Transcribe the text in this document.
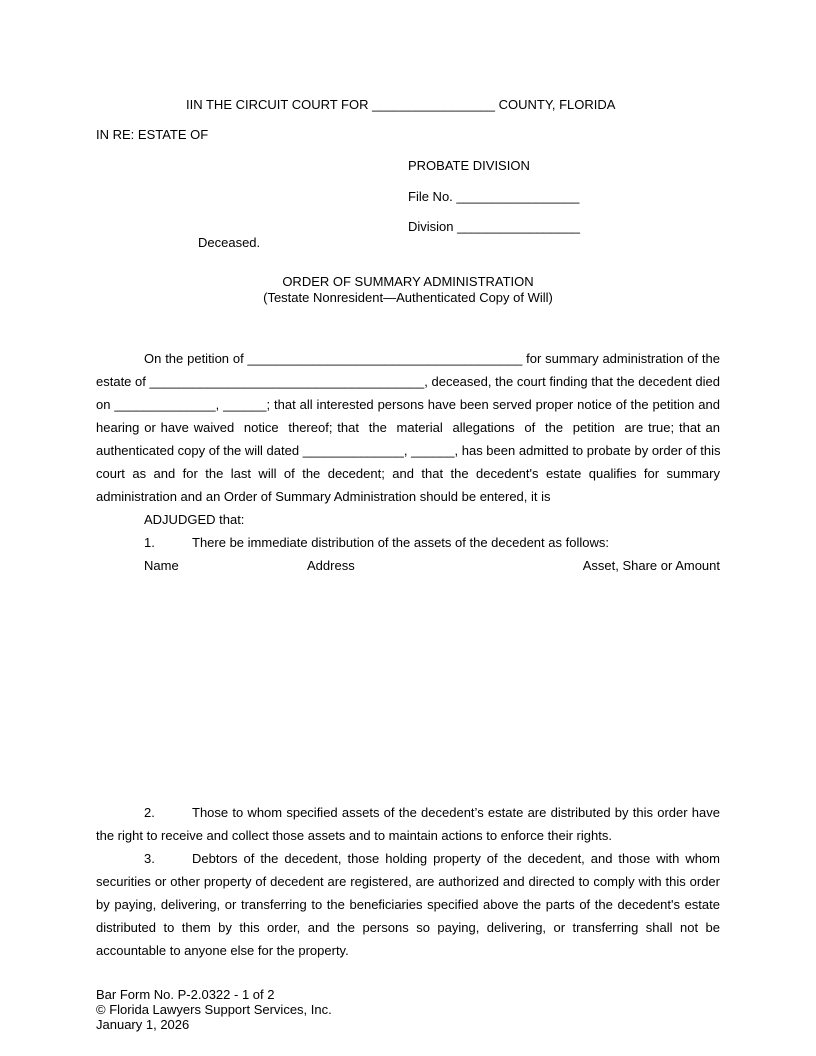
IIN THE CIRCUIT COURT FOR _________________ COUNTY, FLORIDA
IN RE: ESTATE OF
PROBATE DIVISION
File No. _________________
Division _________________
Deceased.
ORDER OF SUMMARY ADMINISTRATION
(Testate Nonresident—Authenticated Copy of Will)
On the petition of ______________________________________ for summary administration of the
estate of ______________________________________, deceased, the court finding that the decedent died
on ______________, ______; that all interested persons have been served proper notice of the petition and
hearing or have waived  notice  thereof; that  the  material  allegations  of  the  petition  are true; that an
authenticated copy of the will dated ______________, ______, has been admitted to probate by order of this
court as and for the last will of the decedent; and that the decedent's estate qualifies for summary
administration and an Order of Summary Administration should be entered, it is
ADJUDGED that:
1.	There be immediate distribution of the assets of the decedent as follows:
Name	Address	Asset, Share or Amount
2.	Those to whom specified assets of the decedent’s estate are distributed by this order have
the right to receive and collect those assets and to maintain actions to enforce their rights.
3.	Debtors of the decedent, those holding property of the decedent, and those with whom
securities or other property of decedent are registered, are authorized and directed to comply with this order
by paying, delivering, or transferring to the beneficiaries specified above the parts of the decedent's estate
distributed to them by this order, and the persons so paying, delivering, or transferring shall not be
accountable to anyone else for the property.
Bar Form No. P-2.0322 - 1 of 2
© Florida Lawyers Support Services, Inc.
January 1, 2026
